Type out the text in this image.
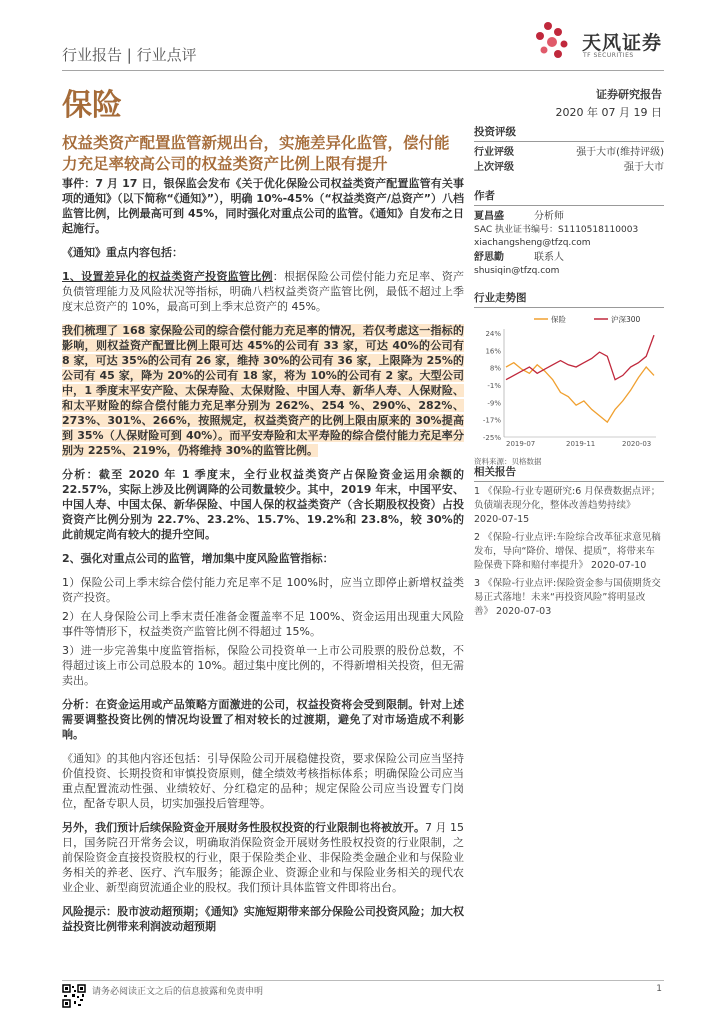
行业报告 | 行业点评
天风证券
TF SECURITIES
保险	证券研究报告
2020 年 07 月 19 日
权益类资产配置监管新规出台，实施差异化监管，偿付能力充足率较高公司的权益类资产比例上限有提升

事件：7 月 17 日，银保监会发布《关于优化保险公司权益类资产配置监管有关事项的通知》（以下简称“《通知》”），明确 10%-45%（“权益类资产/总资产”）八档监管比例，比例最高可到 45%，同时强化对重点公司的监管。《通知》自发布之日起施行。

《通知》重点内容包括：

1、设置差异化的权益类资产投资监管比例：根据保险公司偿付能力充足率、资产负债管理能力及风险状况等指标，明确八档权益类资产监管比例，最低不超过上季度末总资产的 10%，最高可到上季末总资产的 45%。

我们梳理了 168 家保险公司的综合偿付能力充足率的情况，若仅考虑这一指标的影响，则权益资产配置比例上限可达 45%的公司有 33 家，可达 40%的公司有 8 家，可达 35%的公司有 26 家，维持 30%的公司有 36 家，上限降为 25%的公司有 45 家，降为 20%的公司有 18 家，将为 10%的公司有 2 家。大型公司中，1 季度末平安产险、太保寿险、太保财险、中国人寿、新华人寿、人保财险、和太平财险的综合偿付能力充足率分别为 262%、254 %、290%、282%、273%、301%、266%，按照规定，权益类资产的比例上限由原来的 30%提高到 35%（人保财险可到 40%）。而平安寿险和太平寿险的综合偿付能力充足率分别为 225%、219%，仍将维持 30%的监管比例。

分析：截至 2020 年 1 季度末，全行业权益类资产占保险资金运用余额的 22.57%，实际上涉及比例调降的公司数量较少。其中，2019 年末，中国平安、中国人寿、中国太保、新华保险、中国人保的权益类资产（含长期股权投资）占投资资产比例分别为 22.7%、23.2%、15.7%、19.2%和 23.8%，较 30%的此前规定尚有较大的提升空间。

2、强化对重点公司的监管，增加集中度风险监管指标：

1）保险公司上季末综合偿付能力充足率不足 100%时，应当立即停止新增权益类资产投资。

2）在人身保险公司上季末责任准备金覆盖率不足 100%、资金运用出现重大风险事件等情形下，权益类资产监管比例不得超过 15%。

3）进一步完善集中度监管指标，保险公司投资单一上市公司股票的股份总数，不得超过该上市公司总股本的 10%。超过集中度比例的，不得新增相关投资，但无需卖出。

分析：在资金运用或产品策略方面激进的公司，权益投资将会受到限制。针对上述需要调整投资比例的情况均设置了相对较长的过渡期，避免了对市场造成不利影响。

《通知》的其他内容还包括：引导保险公司开展稳健投资，要求保险公司应当坚持价值投资、长期投资和审慎投资原则，健全绩效考核指标体系；明确保险公司应当重点配置流动性强、业绩较好、分红稳定的品种；规定保险公司应当设置专门岗位，配备专职人员，切实加强投后管理等。

另外，我们预计后续保险资金开展财务性股权投资的行业限制也将被放开。7 月 15 日，国务院召开常务会议，明确取消保险资金开展财务性股权投资的行业限制，之前保险资金直接投资股权的行业，限于保险类企业、非保险类金融企业和与保险业务相关的养老、医疗、汽车服务；能源企业、资源企业和与保险业务相关的现代农业企业、新型商贸流通企业的股权。我们预计具体监管文件即将出台。

风险提示：股市波动超预期；《通知》实施短期带来部分保险公司投资风险；加大权益投资比例带来利润波动超预期

投资评级
行业评级	强于大市(维持评级)
上次评级	强于大市
作者
夏昌盛	分析师
SAC 执业证书编号：S1110518110003
xiachangsheng@tfzq.com
舒思勤	联系人
shusiqin@tfzq.com
行业走势图
24%
16%
8%
-1%
-9%
-17%
-25%
2019-07	2019-11	2020-03
保险	沪深300
资料来源：贝格数据
相关报告
1 《保险-行业专题研究:6 月保费数据点评；负债端表现分化，整体改善趋势持续》 2020-07-15
2 《保险-行业点评:车险综合改革征求意见稿发布，导向“降价、增保、提质”，将带来车险保费下降和赔付率提升》 2020-07-10
3 《保险-行业点评:保险资金参与国债期货交易正式落地！未来“再投资风险”将明显改善》 2020-07-03
请务必阅读正文之后的信息披露和免责申明	1
